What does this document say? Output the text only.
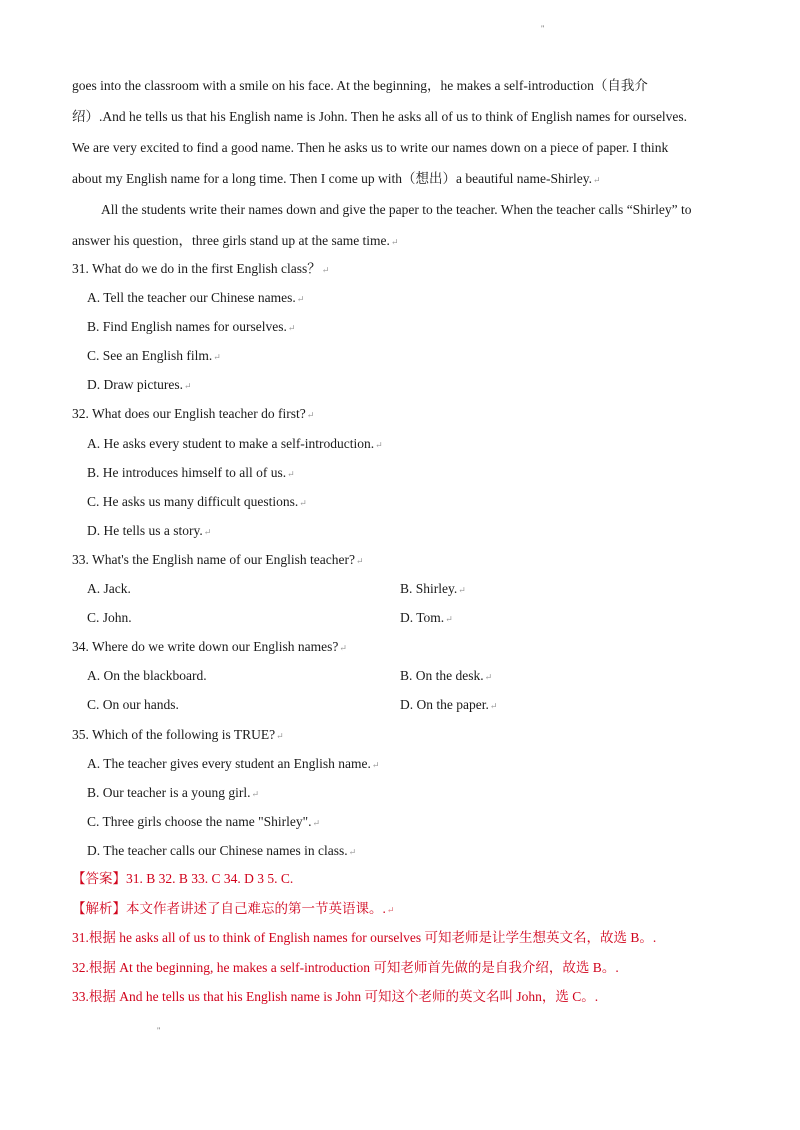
"
goes into the classroom with a smile on his face. At the beginning，he makes a self-introduction（自我介
绍）.And he tells us that his English name is John. Then he asks all of us to think of English names for ourselves.
We are very excited to find a good name. Then he asks us to write our names down on a piece of paper. I think
about my English name for a long time. Then I come up with（想出）a beautiful name-Shirley.↵
All the students write their names down and give the paper to the teacher. When the teacher calls “Shirley” to
answer his question，three girls stand up at the same time.↵
31. What do we do in the first English class？↵
A. Tell the teacher our Chinese names.↵
B. Find English names for ourselves.↵
C. See an English film.↵
D. Draw pictures.↵
32. What does our English teacher do first?↵
A. He asks every student to make a self-introduction.↵
B. He introduces himself to all of us.↵
C. He asks us many difficult questions.↵
D. He tells us a story.↵
33. What's the English name of our English teacher?↵
A. Jack.	B. Shirley.↵
C. John.	D. Tom.↵
34. Where do we write down our English names?↵
A. On the blackboard.	B. On the desk.↵
C. On our hands.	D. On the paper.↵
35. Which of the following is TRUE?↵
A. The teacher gives every student an English name.↵
B. Our teacher is a young girl.↵
C. Three girls choose the name "Shirley".↵
D. The teacher calls our Chinese names in class.↵
【答案】31. B 32. B 33. C 34. D 3 5. C.
【解析】本文作者讲述了自己难忘的第一节英语课。.↵
31.根据 he asks all of us to think of English names for ourselves 可知老师是让学生想英文名，故选 B。.
32.根据 At the beginning, he makes a self-introduction 可知老师首先做的是自我介绍，故选 B。.
33.根据 And he tells us that his English name is John 可知这个老师的英文名叫 John，选 C。.
"
